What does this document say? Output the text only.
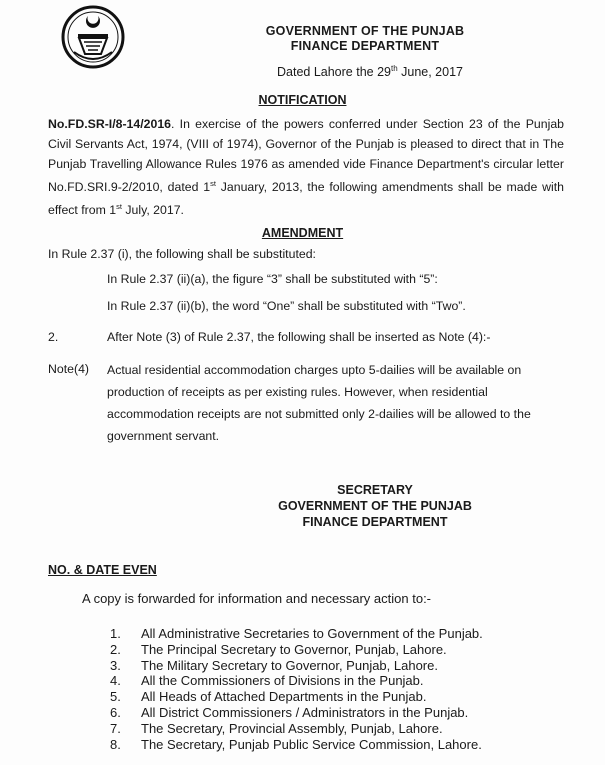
GOVERNMENT OF THE PUNJAB
FINANCE DEPARTMENT
Dated Lahore the 29th June, 2017
NOTIFICATION
No.FD.SR-I/8-14/2016. In exercise of the powers conferred under Section 23 of the Punjab Civil Servants Act, 1974, (VIII of 1974), Governor of the Punjab is pleased to direct that in The Punjab Travelling Allowance Rules 1976 as amended vide Finance Department's circular letter No.FD.SRI.9-2/2010, dated 1st January, 2013, the following amendments shall be made with effect from 1st July, 2017.
AMENDMENT
In Rule 2.37 (i), the following shall be substituted:
In Rule 2.37 (ii)(a), the figure “3” shall be substituted with “5”:
In Rule 2.37 (ii)(b), the word “One” shall be substituted with “Two”.
2.	After Note (3) of Rule 2.37, the following shall be inserted as Note (4):-
Note(4) Actual residential accommodation charges upto 5-dailies will be available on production of receipts as per existing rules. However, when residential accommodation receipts are not submitted only 2-dailies will be allowed to the government servant.
SECRETARY
GOVERNMENT OF THE PUNJAB
FINANCE DEPARTMENT
NO. & DATE EVEN
A copy is forwarded for information and necessary action to:-
1.	All Administrative Secretaries to Government of the Punjab.
2.	The Principal Secretary to Governor, Punjab, Lahore.
3.	The Military Secretary to Governor, Punjab, Lahore.
4.	All the Commissioners of Divisions in the Punjab.
5.	All Heads of Attached Departments in the Punjab.
6.	All District Commissioners / Administrators in the Punjab.
7.	The Secretary, Provincial Assembly, Punjab, Lahore.
8.	The Secretary, Punjab Public Service Commission, Lahore.
